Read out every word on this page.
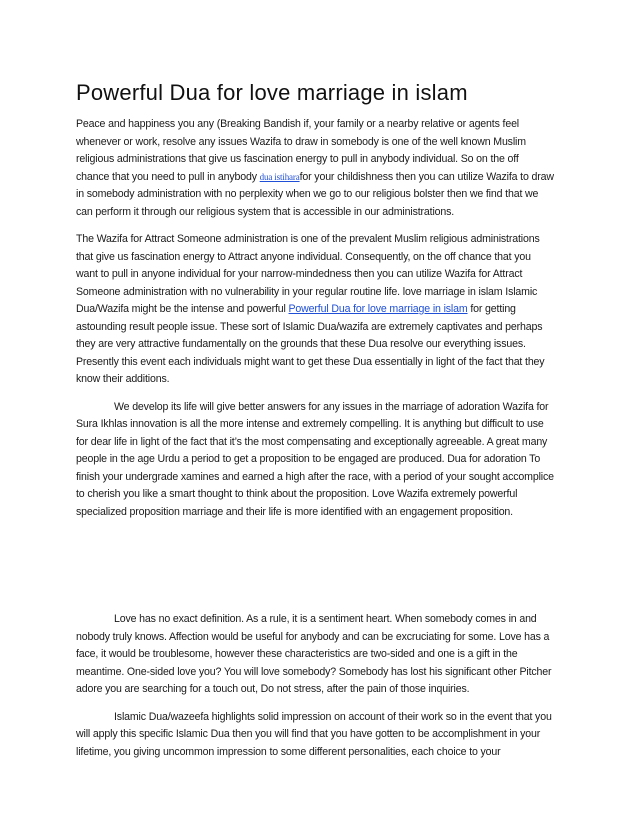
Powerful Dua for love marriage in islam

Peace and happiness you any (Breaking Bandish if, your family or a nearby relative or agents feel whenever or work, resolve any issues Wazifa to draw in somebody is one of the well known Muslim religious administrations that give us fascination energy to pull in anybody individual. So on the off chance that you need to pull in anybody dua istiharafor your childishness then you can utilize Wazifa to draw in somebody administration with no perplexity when we go to our religious bolster then we find that we can perform it through our religious system that is accessible in our administrations.

The Wazifa for Attract Someone administration is one of the prevalent Muslim religious administrations that give us fascination energy to Attract anyone individual. Consequently, on the off chance that you want to pull in anyone individual for your narrow-mindedness then you can utilize Wazifa for Attract Someone administration with no vulnerability in your regular routine life. love marriage in islam Islamic Dua/Wazifa might be the intense and powerful Powerful Dua for love marriage in islam for getting astounding result people issue. These sort of Islamic Dua/wazifa are extremely captivates and perhaps they are very attractive fundamentally on the grounds that these Dua resolve our everything issues. Presently this event each individuals might want to get these Dua essentially in light of the fact that they know their additions.

We develop its life will give better answers for any issues in the marriage of adoration Wazifa for Sura Ikhlas innovation is all the more intense and extremely compelling. It is anything but difficult to use for dear life in light of the fact that it’s the most compensating and exceptionally agreeable. A great many people in the age Urdu a period to get a proposition to be engaged are produced. Dua for adoration To finish your undergrade xamines and earned a high after the race, with a period of your sought accomplice to cherish you like a smart thought to think about the proposition. Love Wazifa extremely powerful specialized proposition marriage and their life is more identified with an engagement proposition.

Love has no exact definition. As a rule, it is a sentiment heart. When somebody comes in and nobody truly knows. Affection would be useful for anybody and can be excruciating for some. Love has a face, it would be troublesome, however these characteristics are two-sided and one is a gift in the meantime. One-sided love you? You will love somebody? Somebody has lost his significant other Pitcher adore you are searching for a touch out, Do not stress, after the pain of those inquiries.

Islamic Dua/wazeefa highlights solid impression on account of their work so in the event that you will apply this specific Islamic Dua then you will find that you have gotten to be accomplishment in your lifetime, you giving uncommon impression to some different personalities, each choice to your
